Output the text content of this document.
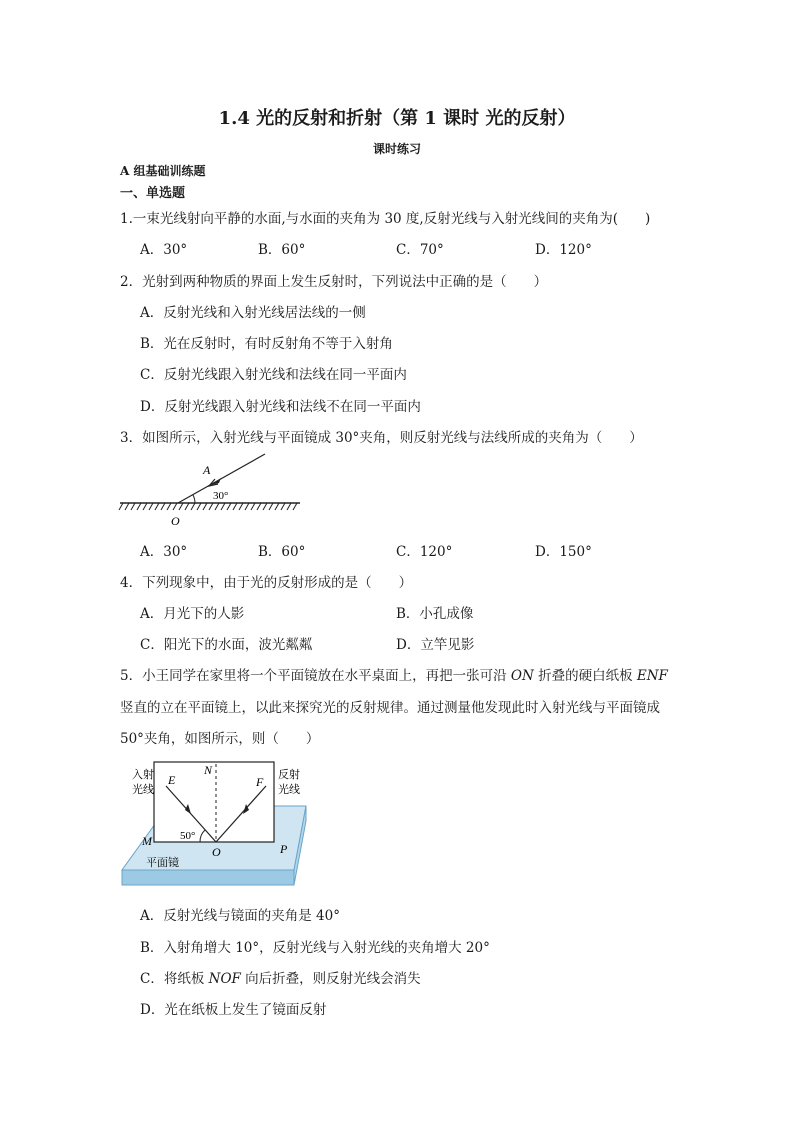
1.4 光的反射和折射（第 1 课时 光的反射）
课时练习
A 组基础训练题
一、单选题
1.一束光线射向平静的水面,与水面的夹角为 30 度,反射光线与入射光线间的夹角为(　　)
A．30°	B．60°	C．70°	D．120°
2．光射到两种物质的界面上发生反射时，下列说法中正确的是（　　）
A．反射光线和入射光线居法线的一侧
B．光在反射时，有时反射角不等于入射角
C．反射光线跟入射光线和法线在同一平面内
D．反射光线跟入射光线和法线不在同一平面内
3．如图所示，入射光线与平面镜成 30°夹角，则反射光线与法线所成的夹角为（　　）
A
30°
O
A．30°	B．60°	C．120°	D．150°
4．下列现象中，由于光的反射形成的是（　　）
A．月光下的人影	B．小孔成像
C．阳光下的水面，波光粼粼	D．立竿见影
5．小王同学在家里将一个平面镜放在水平桌面上，再把一张可沿 ON 折叠的硬白纸板 ENF
竖直的立在平面镜上，以此来探究光的反射规律。通过测量他发现此时入射光线与平面镜成
50°夹角，如图所示，则（　　）
入射
光线
反射
光线
E
N
F
M	50°
O	P
平面镜
A．反射光线与镜面的夹角是 40°
B．入射角增大 10°，反射光线与入射光线的夹角增大 20°
C．将纸板 NOF 向后折叠，则反射光线会消失
D．光在纸板上发生了镜面反射
